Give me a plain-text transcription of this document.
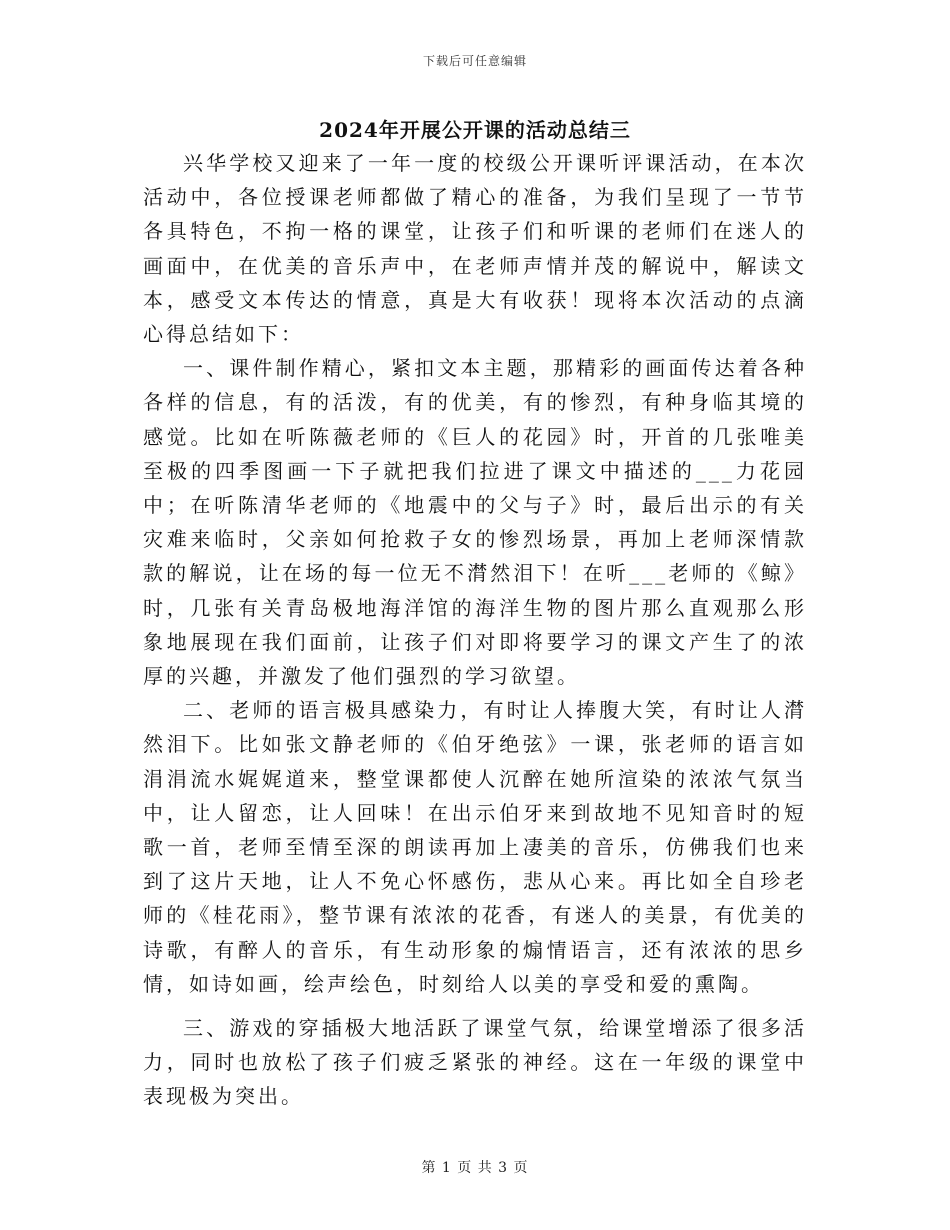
下载后可任意编辑
2024年开展公开课的活动总结三

兴华学校又迎来了一年一度的校级公开课听评课活动，在本次活动中，各位授课老师都做了精心的准备，为我们呈现了一节节各具特色，不拘一格的课堂，让孩子们和听课的老师们在迷人的画面中，在优美的音乐声中，在老师声情并茂的解说中，解读文本，感受文本传达的情意，真是大有收获！现将本次活动的点滴心得总结如下：

一、课件制作精心，紧扣文本主题，那精彩的画面传达着各种各样的信息，有的活泼，有的优美，有的惨烈，有种身临其境的感觉。比如在听陈薇老师的《巨人的花园》时，开首的几张唯美至极的四季图画一下子就把我们拉进了课文中描述的___力花园中；在听陈清华老师的《地震中的父与子》时，最后出示的有关灾难来临时，父亲如何抢救子女的惨烈场景，再加上老师深情款款的解说，让在场的每一位无不潸然泪下！在听___老师的《鲸》时，几张有关青岛极地海洋馆的海洋生物的图片那么直观那么形象地展现在我们面前，让孩子们对即将要学习的课文产生了的浓厚的兴趣，并激发了他们强烈的学习欲望。

二、老师的语言极具感染力，有时让人捧腹大笑，有时让人潸然泪下。比如张文静老师的《伯牙绝弦》一课，张老师的语言如涓涓流水娓娓道来，整堂课都使人沉醉在她所渲染的浓浓气氛当中，让人留恋，让人回味！在出示伯牙来到故地不见知音时的短歌一首，老师至情至深的朗读再加上凄美的音乐，仿佛我们也来到了这片天地，让人不免心怀感伤，悲从心来。再比如全自珍老师的《桂花雨》，整节课有浓浓的花香，有迷人的美景，有优美的诗歌，有醉人的音乐，有生动形象的煽情语言，还有浓浓的思乡情，如诗如画，绘声绘色，时刻给人以美的享受和爱的熏陶。

三、游戏的穿插极大地活跃了课堂气氛，给课堂增添了很多活力，同时也放松了孩子们疲乏紧张的神经。这在一年级的课堂中表现极为突出。

第 1 页 共 3 页
